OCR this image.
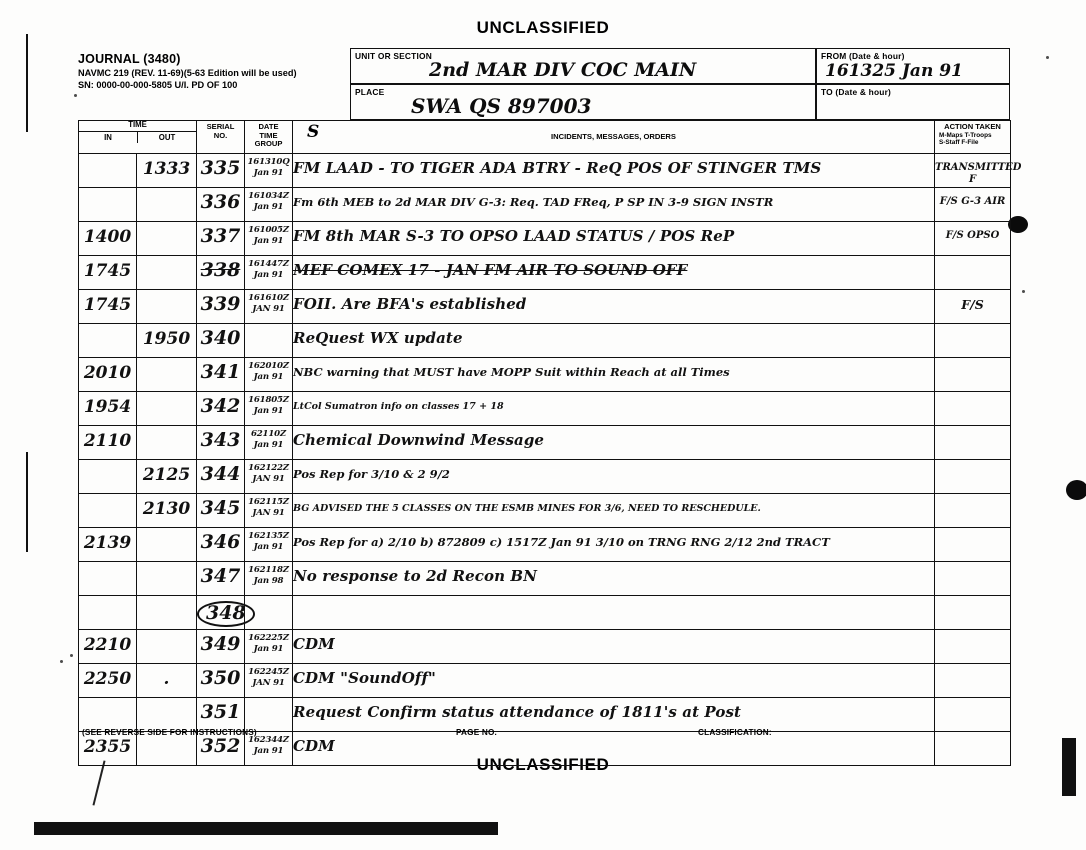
UNCLASSIFIED
UNCLASSIFIED
JOURNAL (3480)
NAVMC 219 (REV. 11-69)(5-63 Edition will be used)
SN: 0000-00-000-5805 U/I. PD OF 100
UNIT OR SECTION
2nd MAR DIV COC MAIN
PLACE
SWA QS 897003
FROM (Date & hour)
161325 Jan 91
TO (Date & hour)
TIME
IN	OUT

SERIAL
NO.

DATE
TIME
GROUP

S	INCIDENTS, MESSAGES, ORDERS

ACTION TAKEN
M-Maps T-Troops
S-Staff F-File

	1333	335	161310Q
Jan 91	FM LAAD - TO TIGER ADA BTRY - ReQ POS OF STINGER TMS	TRANSMITTED
F

		336	161034Z
Jan 91	Fm 6th MEB to 2d MAR DIV G-3: Req. TAD FReq, P SP IN 3-9 SIGN INSTR	F/S G-3 AIR

1400		337	161005Z
Jan 91	FM 8th MAR S-3 TO OPSO LAAD STATUS / POS ReP	F/S OPSO

1745		338	161447Z
Jan 91	MEF COMEX 17 - JAN FM AIR TO SOUND OFF	

1745		339	161610Z
JAN 91	FOII. Are BFA's established	F/S

	1950	340		ReQuest WX update	

2010		341	162010Z
Jan 91	NBC warning that MUST have MOPP Suit within Reach at all Times	

1954		342	161805Z
Jan 91	LtCol Sumatron info on classes 17 + 18	

2110		343	62110Z
Jan 91	Chemical Downwind Message	

	2125	344	162122Z
JAN 91	Pos Rep for 3/10 & 2 9/2	

	2130	345	162115Z
JAN 91	BG ADVISED THE 5 CLASSES ON THE ESMB MINES FOR 3/6, NEED TO RESCHEDULE.	

2139		346	162135Z
Jan 91	Pos Rep for a) 2/10 b) 872809 c) 1517Z Jan 91 3/10 on TRNG RNG 2/12 2nd TRACT	

		347	162118Z
Jan 98	No response to 2d Recon BN	

		348			

2210		349	162225Z
Jan 91	CDM	

2250	.	350	162245Z
JAN 91	CDM "SoundOff"	

		351		Request Confirm status attendance of 1811's at Post	

2355		352	162344Z
Jan 91	CDM	

(SEE REVERSE SIDE FOR INSTRUCTIONS)	PAGE NO.	CLASSIFICATION:
